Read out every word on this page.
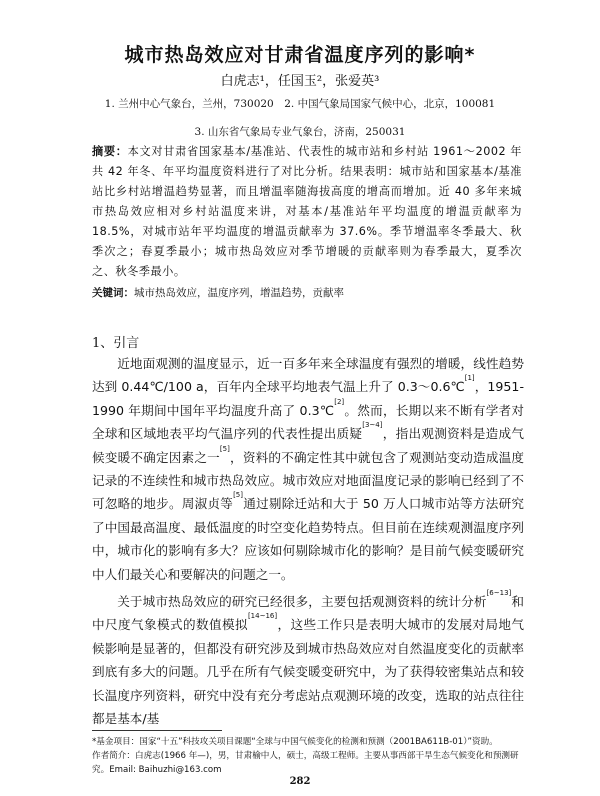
城市热岛效应对甘肃省温度序列的影响*
白虎志¹，任国玉²，张爱英³
1. 兰州中心气象台，兰州，730020　2. 中国气象局国家气候中心，北京，100081
3. 山东省气象局专业气象台，济南，250031
摘要：本文对甘肃省国家基本/基准站、代表性的城市站和乡村站 1961～2002 年共 42 年冬、年平均温度资料进行了对比分析。结果表明：城市站和国家基本/基准站比乡村站增温趋势显著，而且增温率随海拔高度的增高而增加。近 40 多年来城市热岛效应相对乡村站温度来讲，对基本/基准站年平均温度的增温贡献率为 18.5%，对城市站年平均温度的增温贡献率为 37.6%。季节增温率冬季最大、秋季次之；春夏季最小；城市热岛效应对季节增暖的贡献率则为春季最大，夏季次之、秋冬季最小。
关键词：城市热岛效应，温度序列，增温趋势，贡献率
1、引言

近地面观测的温度显示，近一百多年来全球温度有强烈的增暖，线性趋势达到 0.44℃/100 a，百年内全球平均地表气温上升了 0.3～0.6℃[1]，1951-1990 年期间中国年平均温度升高了 0.3℃[2]。然而，长期以来不断有学者对全球和区域地表平均气温序列的代表性提出质疑[3~4]，指出观测资料是造成气候变暖不确定因素之一[5]，资料的不确定性其中就包含了观测站变动造成温度记录的不连续性和城市热岛效应。城市效应对地面温度记录的影响已经到了不可忽略的地步。周淑贞等[5]通过剔除迁站和大于 50 万人口城市站等方法研究了中国最高温度、最低温度的时空变化趋势特点。但目前在连续观测温度序列中，城市化的影响有多大？应该如何剔除城市化的影响？是目前气候变暖研究中人们最关心和要解决的问题之一。

关于城市热岛效应的研究已经很多，主要包括观测资料的统计分析[6~13]和中尺度气象模式的数值模拟[14~16]，这些工作只是表明大城市的发展对局地气候影响是显著的，但都没有研究涉及到城市热岛效应对自然温度变化的贡献率到底有多大的问题。几乎在所有气候变暖变研究中，为了获得较密集站点和较长温度序列资料，研究中没有充分考虑站点观测环境的改变，选取的站点往往都是基本/基

*基金项目：国家“十五”科技攻关项目课题“全球与中国气候变化的检测和预测（2001BA611B-01）”资助。
作者简介：白虎志(1966 年—)，男，甘肃榆中人，硕士，高级工程师。主要从事西部干旱生态气候变化和预测研究。Email: Baihuzhi@163.com
282
